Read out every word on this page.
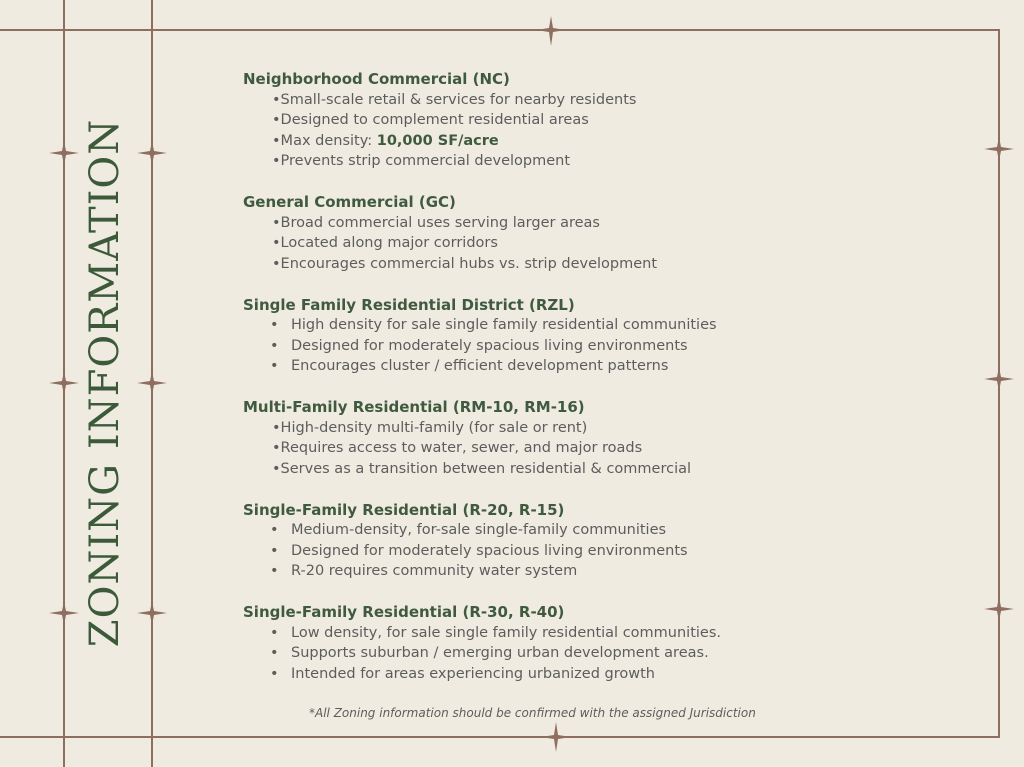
ZONING INFORMATION
Neighborhood Commercial (NC)
•Small-scale retail & services for nearby residents
•Designed to complement residential areas
•Max density: 10,000 SF/acre
•Prevents strip commercial development
General Commercial (GC)
•Broad commercial uses serving larger areas
•Located along major corridors
•Encourages commercial hubs vs. strip development
Single Family Residential District (RZL)
• High density for sale single family residential communities
• Designed for moderately spacious living environments
• Encourages cluster / efficient development patterns
Multi-Family Residential (RM-10, RM-16)
•High-density multi-family (for sale or rent)
•Requires access to water, sewer, and major roads
•Serves as a transition between residential & commercial
Single-Family Residential (R-20, R-15)
• Medium-density, for-sale single-family communities
• Designed for moderately spacious living environments
• R-20 requires community water system
Single-Family Residential (R-30, R-40)
• Low density, for sale single family residential communities.
• Supports suburban / emerging urban development areas.
• Intended for areas experiencing urbanized growth
*All Zoning information should be confirmed with the assigned Jurisdiction
